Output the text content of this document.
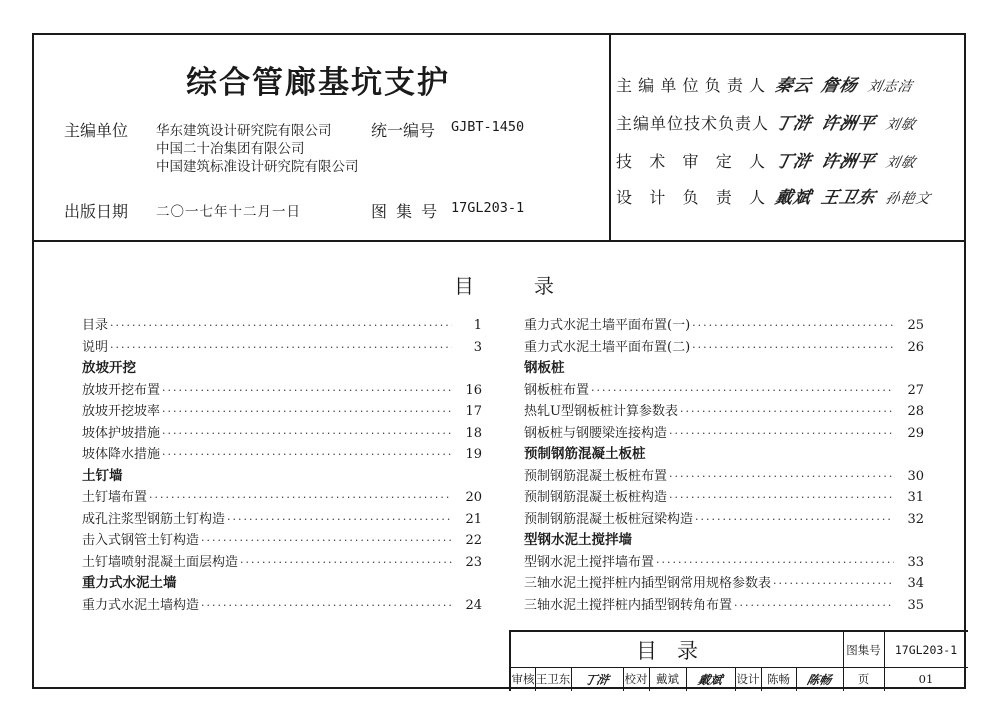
综合管廊基坑支护
主编单位 华东建筑设计研究院有限公司
中国二十冶集团有限公司
中国建筑标准设计研究院有限公司
统一编号 GJBT-1450
出版日期 二〇一七年十二月一日	图 集 号 17GL203-1
目	录
目录 ·····	1
说明 ·····	3
放坡开挖
放坡开挖布置 ·····	16
放坡开挖坡率 ·····	17
坡体护坡措施 ·····	18
坡体降水措施 ·····	19
土钉墙
土钉墙布置 ·····	20
成孔注浆型钢筋土钉构造 ·····	21
击入式钢管土钉构造 ·····	22
土钉墙喷射混凝土面层构造 ·····	23
重力式水泥土墙
重力式水泥土墙构造 ·····	24
重力式水泥土墙平面布置(一) ·····	25
重力式水泥土墙平面布置(二) ·····	26
钢板桩
钢板桩布置 ·····	27
热轧U型钢板桩计算参数表 ·····	28
钢板桩与钢腰梁连接构造 ·····	29
预制钢筋混凝土板桩
预制钢筋混凝土板桩布置 ·····	30
预制钢筋混凝土板桩构造 ·····	31
预制钢筋混凝土板桩冠梁构造 ·····	32
型钢水泥土搅拌墙
型钢水泥土搅拌墙布置 ·····	33
三轴水泥土搅拌桩内插型钢常用规格参数表 ·····	34
三轴水泥土搅拌桩内插型钢转角布置 ·····	35
目录	图集号	17GL203-1
审核 王卫东	丁浒	校对 戴斌	戴斌	设计 陈畅	陈畅	页	01
主编单位负责人 秦云 詹杨 刘志洁
主编单位技术负责人 丁浒 许洲平 刘敏
技术审定人 丁浒 许洲平 刘敏
设计负责人 戴斌 王卫东 孙艳文
